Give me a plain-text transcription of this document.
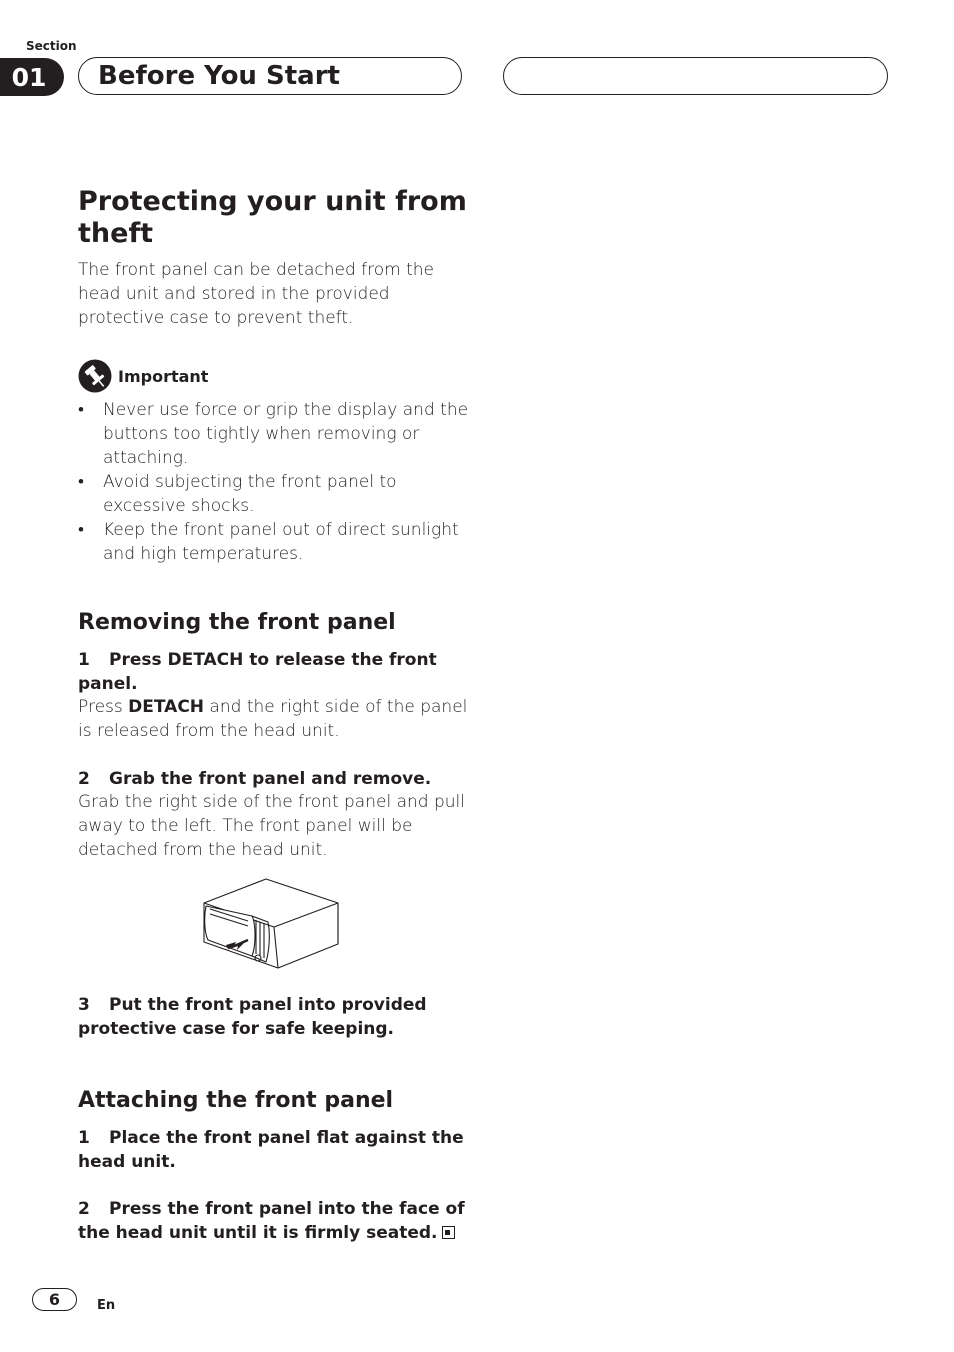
Section
01	Before You Start
Protecting your unit from theft
The front panel can be detached from the head unit and stored in the provided protective case to prevent theft.
Important
• Never use force or grip the display and the buttons too tightly when removing or attaching.
• Avoid subjecting the front panel to excessive shocks.
• Keep the front panel out of direct sunlight and high temperatures.
Removing the front panel
1 Press DETACH to release the front panel.
Press DETACH and the right side of the panel is released from the head unit.
2 Grab the front panel and remove.
Grab the right side of the front panel and pull away to the left. The front panel will be detached from the head unit.
3 Put the front panel into provided protective case for safe keeping.
Attaching the front panel
1 Place the front panel flat against the head unit.
2 Press the front panel into the face of the head unit until it is firmly seated.
6	En
